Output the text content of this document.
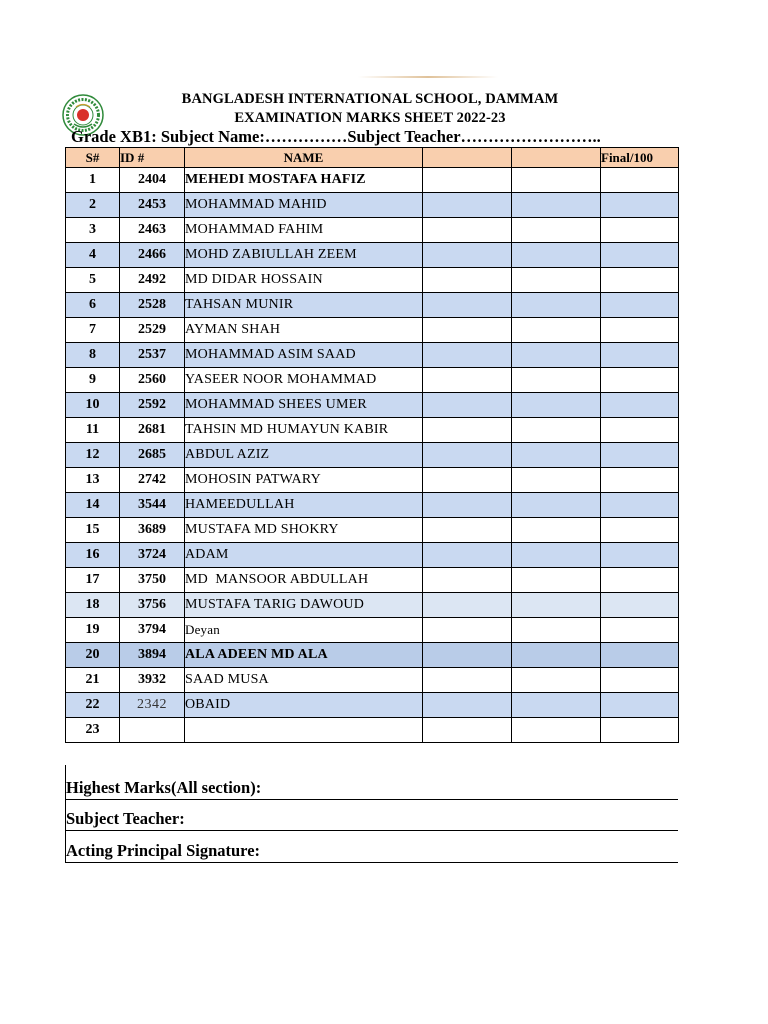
BANGLADESH INTERNATIONAL SCHOOL, DAMMAM
EXAMINATION MARKS SHEET 2022-23
Grade XB1: Subject Name:……………Subject Teacher……………………..
S#	ID #	NAME			Final/100
1	2404	MEHEDI MOSTAFA HAFIZ			
2	2453	MOHAMMAD MAHID			
3	2463	MOHAMMAD FAHIM			
4	2466	MOHD ZABIULLAH ZEEM			
5	2492	MD DIDAR HOSSAIN			
6	2528	TAHSAN MUNIR			
7	2529	AYMAN SHAH			
8	2537	MOHAMMAD ASIM SAAD			
9	2560	YASEER NOOR MOHAMMAD			
10	2592	MOHAMMAD SHEES UMER			
11	2681	TAHSIN MD HUMAYUN KABIR			
12	2685	ABDUL AZIZ			
13	2742	MOHOSIN PATWARY			
14	3544	HAMEEDULLAH			
15	3689	MUSTAFA MD SHOKRY			
16	3724	ADAM			
17	3750	MD  MANSOOR ABDULLAH			
18	3756	MUSTAFA TARIG DAWOUD			
19	3794	Deyan			
20	3894	ALA ADEEN MD ALA			
21	3932	SAAD MUSA			
22	2342	OBAID			
23					
Highest Marks(All section):
Subject Teacher:
Acting Principal Signature:
